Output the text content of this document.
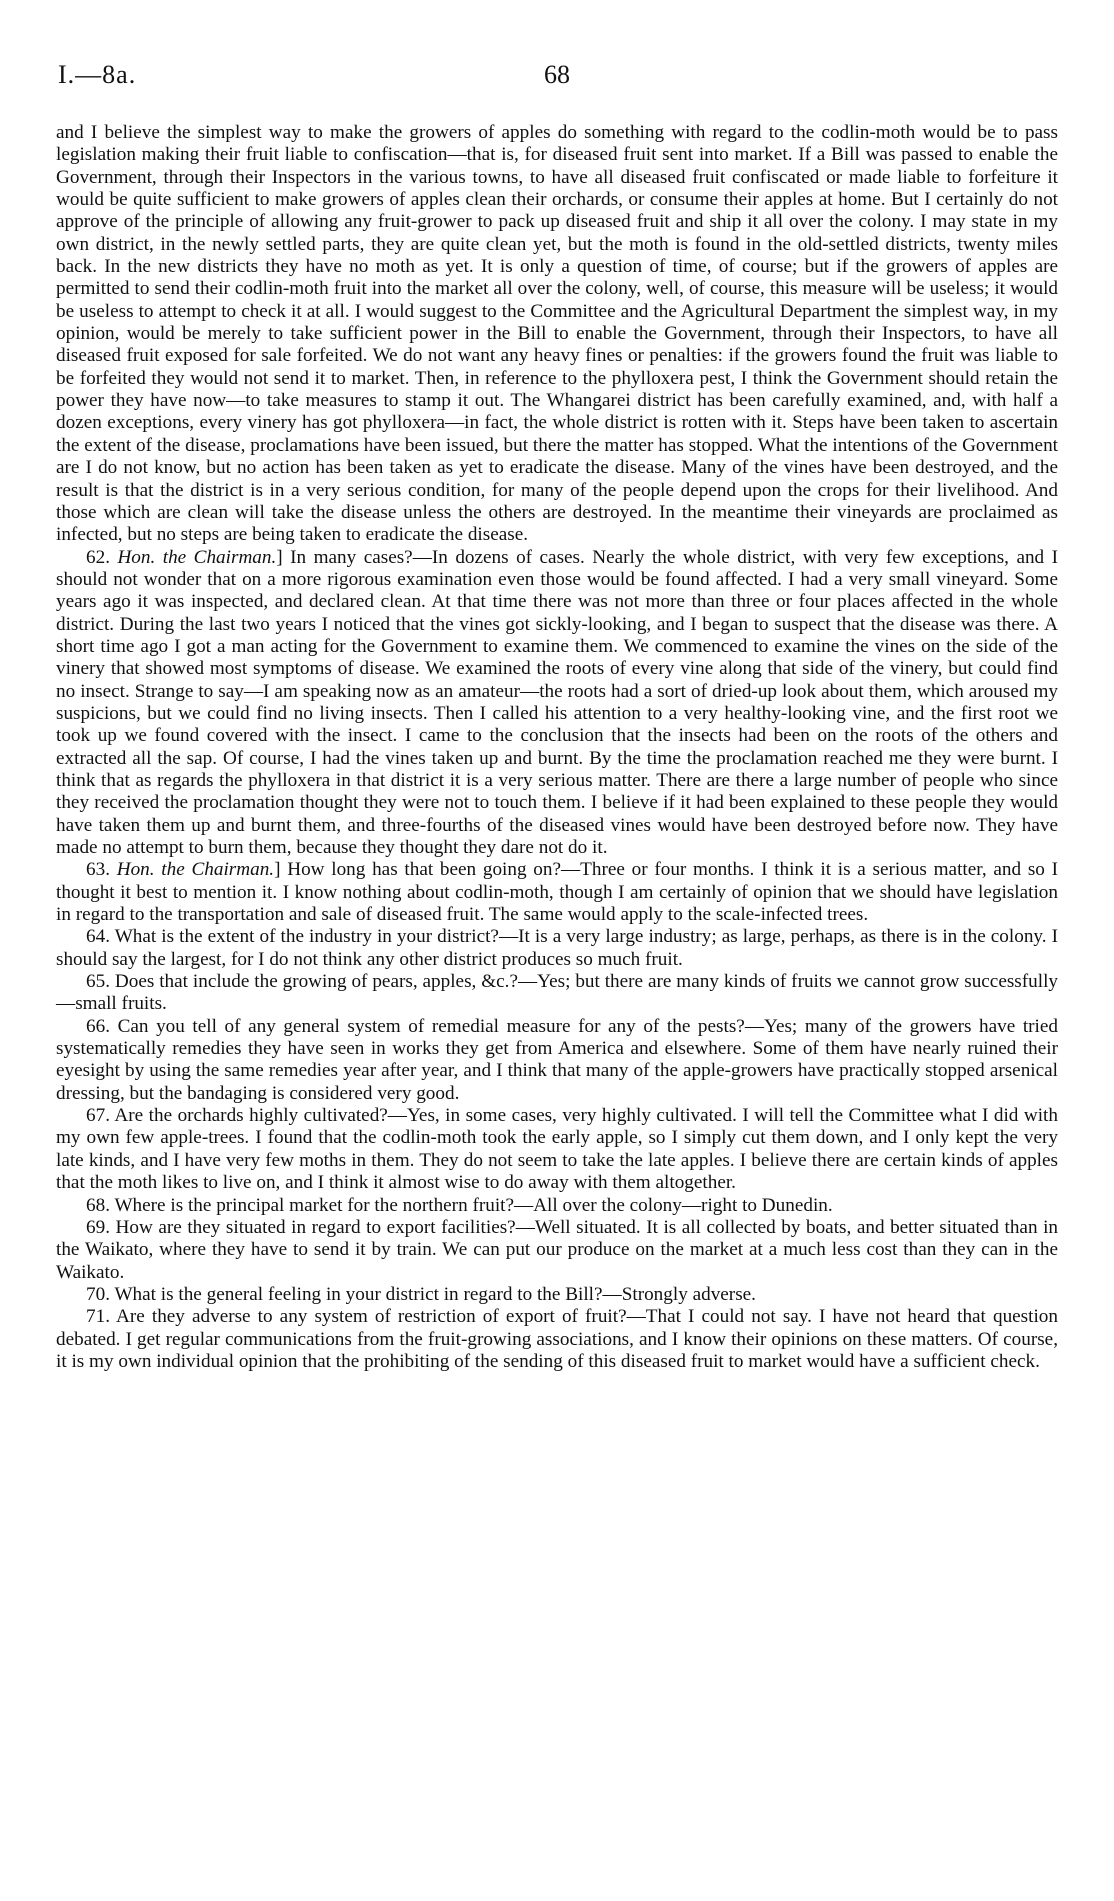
I.—8a.	68

and I believe the simplest way to make the growers of apples do something with regard to the codlin-moth would be to pass legislation making their fruit liable to confiscation—that is, for diseased fruit sent into market. If a Bill was passed to enable the Government, through their Inspectors in the various towns, to have all diseased fruit confiscated or made liable to forfeiture it would be quite sufficient to make growers of apples clean their orchards, or consume their apples at home. But I certainly do not approve of the principle of allowing any fruit-grower to pack up diseased fruit and ship it all over the colony. I may state in my own district, in the newly settled parts, they are quite clean yet, but the moth is found in the old-settled districts, twenty miles back. In the new districts they have no moth as yet. It is only a question of time, of course; but if the growers of apples are permitted to send their codlin-moth fruit into the market all over the colony, well, of course, this measure will be useless; it would be useless to attempt to check it at all. I would suggest to the Committee and the Agricultural Department the simplest way, in my opinion, would be merely to take sufficient power in the Bill to enable the Government, through their Inspectors, to have all diseased fruit exposed for sale forfeited. We do not want any heavy fines or penalties: if the growers found the fruit was liable to be forfeited they would not send it to market. Then, in reference to the phylloxera pest, I think the Government should retain the power they have now—to take measures to stamp it out. The Whangarei district has been carefully examined, and, with half a dozen exceptions, every vinery has got phylloxera—in fact, the whole district is rotten with it. Steps have been taken to ascertain the extent of the disease, proclamations have been issued, but there the matter has stopped. What the intentions of the Government are I do not know, but no action has been taken as yet to eradicate the disease. Many of the vines have been destroyed, and the result is that the district is in a very serious condition, for many of the people depend upon the crops for their livelihood. And those which are clean will take the disease unless the others are destroyed. In the meantime their vineyards are proclaimed as infected, but no steps are being taken to eradicate the disease.

62. Hon. the Chairman.] In many cases?—In dozens of cases. Nearly the whole district, with very few exceptions, and I should not wonder that on a more rigorous examination even those would be found affected. I had a very small vineyard. Some years ago it was inspected, and declared clean. At that time there was not more than three or four places affected in the whole district. During the last two years I noticed that the vines got sickly-looking, and I began to suspect that the disease was there. A short time ago I got a man acting for the Government to examine them. We commenced to examine the vines on the side of the vinery that showed most symptoms of disease. We examined the roots of every vine along that side of the vinery, but could find no insect. Strange to say—I am speaking now as an amateur—the roots had a sort of dried-up look about them, which aroused my suspicions, but we could find no living insects. Then I called his attention to a very healthy-looking vine, and the first root we took up we found covered with the insect. I came to the conclusion that the insects had been on the roots of the others and extracted all the sap. Of course, I had the vines taken up and burnt. By the time the proclamation reached me they were burnt. I think that as regards the phylloxera in that district it is a very serious matter. There are there a large number of people who since they received the proclamation thought they were not to touch them. I believe if it had been explained to these people they would have taken them up and burnt them, and three-fourths of the diseased vines would have been destroyed before now. They have made no attempt to burn them, because they thought they dare not do it.

63. Hon. the Chairman.] How long has that been going on?—Three or four months. I think it is a serious matter, and so I thought it best to mention it. I know nothing about codlin-moth, though I am certainly of opinion that we should have legislation in regard to the transportation and sale of diseased fruit. The same would apply to the scale-infected trees.

64. What is the extent of the industry in your district?—It is a very large industry; as large, perhaps, as there is in the colony. I should say the largest, for I do not think any other district produces so much fruit.

65. Does that include the growing of pears, apples, &c.?—Yes; but there are many kinds of fruits we cannot grow successfully—small fruits.

66. Can you tell of any general system of remedial measure for any of the pests?—Yes; many of the growers have tried systematically remedies they have seen in works they get from America and elsewhere. Some of them have nearly ruined their eyesight by using the same remedies year after year, and I think that many of the apple-growers have practically stopped arsenical dressing, but the bandaging is considered very good.

67. Are the orchards highly cultivated?—Yes, in some cases, very highly cultivated. I will tell the Committee what I did with my own few apple-trees. I found that the codlin-moth took the early apple, so I simply cut them down, and I only kept the very late kinds, and I have very few moths in them. They do not seem to take the late apples. I believe there are certain kinds of apples that the moth likes to live on, and I think it almost wise to do away with them altogether.

68. Where is the principal market for the northern fruit?—All over the colony—right to Dunedin.

69. How are they situated in regard to export facilities?—Well situated. It is all collected by boats, and better situated than in the Waikato, where they have to send it by train. We can put our produce on the market at a much less cost than they can in the Waikato.

70. What is the general feeling in your district in regard to the Bill?—Strongly adverse.

71. Are they adverse to any system of restriction of export of fruit?—That I could not say. I have not heard that question debated. I get regular communications from the fruit-growing associations, and I know their opinions on these matters. Of course, it is my own individual opinion that the prohibiting of the sending of this diseased fruit to market would have a sufficient check.
